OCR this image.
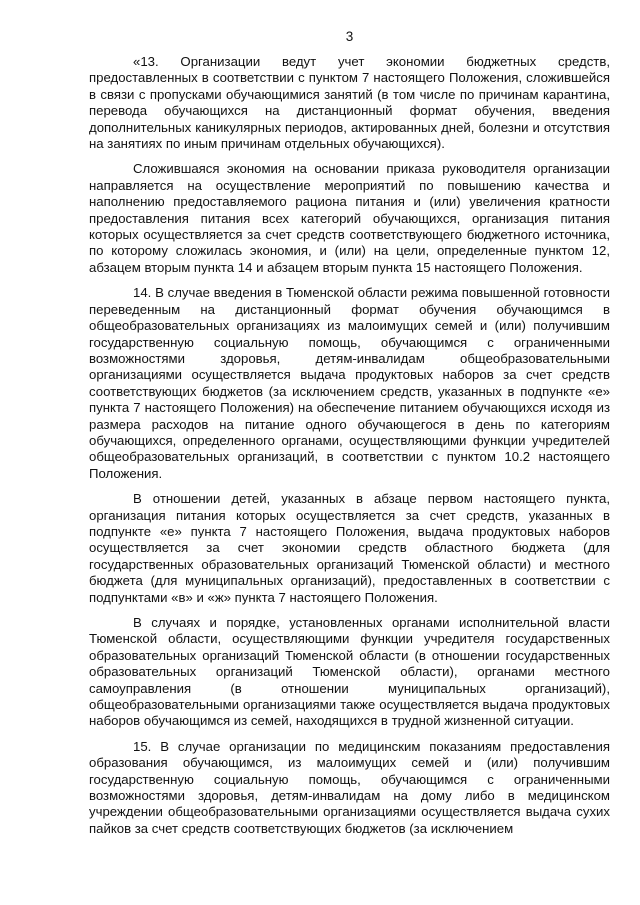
3

«13. Организации ведут учет экономии бюджетных средств, предоставленных в соответствии с пунктом 7 настоящего Положения, сложившейся в связи с пропусками обучающимися занятий (в том числе по причинам карантина, перевода обучающихся на дистанционный формат обучения, введения дополнительных каникулярных периодов, актированных дней, болезни и отсутствия на занятиях по иным причинам отдельных обучающихся).

Сложившаяся экономия на основании приказа руководителя организации направляется на осуществление мероприятий по повышению качества и наполнению предоставляемого рациона питания и (или) увеличения кратности предоставления питания всех категорий обучающихся, организация питания которых осуществляется за счет средств соответствующего бюджетного источника, по которому сложилась экономия, и (или) на цели, определенные пунктом 12, абзацем вторым пункта 14 и абзацем вторым пункта 15 настоящего Положения.

14. В случае введения в Тюменской области режима повышенной готовности переведенным на дистанционный формат обучения обучающимся в общеобразовательных организациях из малоимущих семей и (или) получившим государственную социальную помощь, обучающимся с ограниченными возможностями здоровья, детям-инвалидам общеобразовательными организациями осуществляется выдача продуктовых наборов за счет средств соответствующих бюджетов (за исключением средств, указанных в подпункте «е» пункта 7 настоящего Положения) на обеспечение питанием обучающихся исходя из размера расходов на питание одного обучающегося в день по категориям обучающихся, определенного органами, осуществляющими функции учредителей общеобразовательных организаций, в соответствии с пунктом 10.2 настоящего Положения.

В отношении детей, указанных в абзаце первом настоящего пункта, организация питания которых осуществляется за счет средств, указанных в подпункте «е» пункта 7 настоящего Положения, выдача продуктовых наборов осуществляется за счет экономии средств областного бюджета (для государственных образовательных организаций Тюменской области) и местного бюджета (для муниципальных организаций), предоставленных в соответствии с подпунктами «в» и «ж» пункта 7 настоящего Положения.

В случаях и порядке, установленных органами исполнительной власти Тюменской области, осуществляющими функции учредителя государственных образовательных организаций Тюменской области (в отношении государственных образовательных организаций Тюменской области), органами местного самоуправления (в отношении муниципальных организаций), общеобразовательными организациями также осуществляется выдача продуктовых наборов обучающимся из семей, находящихся в трудной жизненной ситуации.

15. В случае организации по медицинским показаниям предоставления образования обучающимся, из малоимущих семей и (или) получившим государственную социальную помощь, обучающимся с ограниченными возможностями здоровья, детям-инвалидам на дому либо в медицинском учреждении общеобразовательными организациями осуществляется выдача сухих пайков за счет средств соответствующих бюджетов (за исключением
